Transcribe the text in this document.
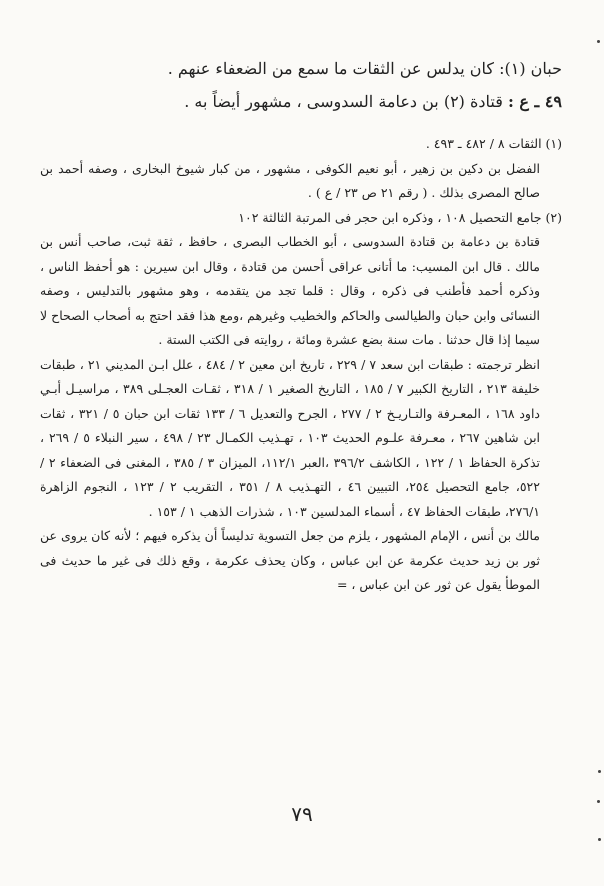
حبان (١): كان يدلس عن الثقات ما سمع من الضعفاء عنهم .

٤٩ ـ ع : قتادة (٢) بن دعامة السدوسى ، مشهور أيضاً به .

(١) الثقات ٨ / ٤٨٢ ـ ٤٩٣ .

الفضل بن دكين بن زهير ، أبو نعيم الكوفى ، مشهور ، من كبار شيوخ البخارى ، وصفه أحمد بن صالح المصرى بذلك . ( رقم ٢١ ص ٢٣ / ع ) .

(٢) جامع التحصيل ١٠٨ ، وذكره ابن حجر فى المرتبة الثالثة ١٠٢

قتادة بن دعامة بن قتادة السدوسى ، أبو الخطاب البصرى ، حافظ ، ثقة ثبت، صاحب أنس بن مالك . قال ابن المسيب: ما أتانى عراقى أحسن من قتادة ، وقال ابن سيرين : هو أحفظ الناس ، وذكره أحمد فأطنب فى ذكره ، وقال : قلما تجد من يتقدمه ، وهو مشهور بالتدليس ، وصفه النسائى وابن حبان والطيالسى والحاكم والخطيب وغيرهم ،ومع هذا فقد احتج به أصحاب الصحاح لا سيما إذا قال حدثنا . مات سنة بضع عشرة ومائة ، روايته فى الكتب الستة .

انظر ترجمته : طبقات ابن سعد ٧ / ٢٢٩ ، تاريخ ابن معين ٢ / ٤٨٤ ، علل ابـن المديني ٢١ ، طبقات خليفة ٢١٣ ، التاريخ الكبير ٧ / ١٨٥ ، التاريخ الصغير ١ / ٣١٨ ، ثقـات العجـلى ٣٨٩ ، مراسيـل أبـي داود ١٦٨ ، المعـرفة والتـاريـخ ٢ / ٢٧٧ ، الجرح والتعديل ٦ / ١٣٣ ثقات ابن حبان ٥ / ٣٢١ ، ثقات ابن شاهين ٢٦٧ ، معـرفة علـوم الحديث ١٠٣ ، تهـذيب الكمـال ٢٣ / ٤٩٨ ، سير النبلاء ٥ / ٢٦٩ ، تذكرة الحفاظ ١ / ١٢٢ ، الكاشف ٣٩٦/٢ ،العبر ١١٢/١، الميزان ٣ / ٣٨٥ ، المغنى فى الضعفاء ٢ / ٥٢٢، جامع التحصيل ٢٥٤، التبيين ٤٦ ، التهـذيب ٨ / ٣٥١ ، التقريب ٢ / ١٢٣ ، النجوم الزاهرة ٢٧٦/١، طبقات الحفاظ ٤٧ ، أسماء المدلسين ١٠٣ ، شذرات الذهب ١ / ١٥٣ .

مالك بن أنس ، الإمام المشهور ، يلزم من جعل التسوية تدليساً أن يذكره فيهم ؛ لأنه كان يروى عن ثور بن زيد حديث عكرمة عن ابن عباس ، وكان يحذف عكرمة ، وقع ذلك فى غير ما حديث فى الموطأ يقول عن ثور عن ابن عباس ، =

٧٩
